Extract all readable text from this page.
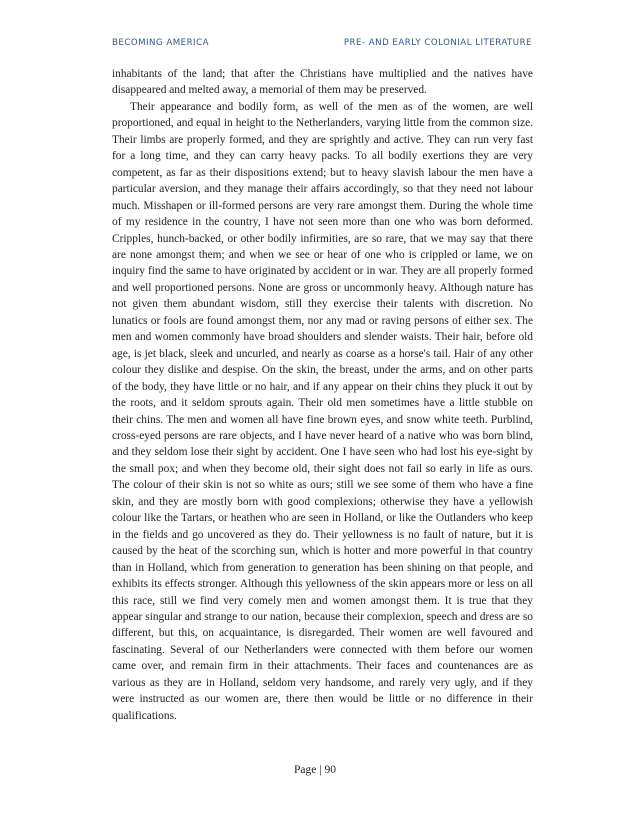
BECOMING AMERICA	PRE- AND EARLY COLONIAL LITERATURE

inhabitants of the land; that after the Christians have multiplied and the natives have disappeared and melted away, a memorial of them may be preserved.

Their appearance and bodily form, as well of the men as of the women, are well proportioned, and equal in height to the Netherlanders, varying little from the common size. Their limbs are properly formed, and they are sprightly and active. They can run very fast for a long time, and they can carry heavy packs. To all bodily exertions they are very competent, as far as their dispositions extend; but to heavy slavish labour the men have a particular aversion, and they manage their affairs accordingly, so that they need not labour much. Misshapen or ill-formed persons are very rare amongst them. During the whole time of my residence in the country, I have not seen more than one who was born deformed. Cripples, hunch-backed, or other bodily infirmities, are so rare, that we may say that there are none amongst them; and when we see or hear of one who is crippled or lame, we on inquiry find the same to have originated by accident or in war. They are all properly formed and well proportioned persons. None are gross or uncommonly heavy. Although nature has not given them abundant wisdom, still they exercise their talents with discretion. No lunatics or fools are found amongst them, nor any mad or raving persons of either sex. The men and women commonly have broad shoulders and slender waists. Their hair, before old age, is jet black, sleek and uncurled, and nearly as coarse as a horse's tail. Hair of any other colour they dislike and despise. On the skin, the breast, under the arms, and on other parts of the body, they have little or no hair, and if any appear on their chins they pluck it out by the roots, and it seldom sprouts again. Their old men sometimes have a little stubble on their chins. The men and women all have fine brown eyes, and snow white teeth. Purblind, cross-eyed persons are rare objects, and I have never heard of a native who was born blind, and they seldom lose their sight by accident. One I have seen who had lost his eye-sight by the small pox; and when they become old, their sight does not fail so early in life as ours. The colour of their skin is not so white as ours; still we see some of them who have a fine skin, and they are mostly born with good complexions; otherwise they have a yellowish colour like the Tartars, or heathen who are seen in Holland, or like the Outlanders who keep in the fields and go uncovered as they do. Their yellowness is no fault of nature, but it is caused by the heat of the scorching sun, which is hotter and more powerful in that country than in Holland, which from generation to generation has been shining on that people, and exhibits its effects stronger. Although this yellowness of the skin appears more or less on all this race, still we find very comely men and women amongst them. It is true that they appear singular and strange to our nation, because their complexion, speech and dress are so different, but this, on acquaintance, is disregarded. Their women are well favoured and fascinating. Several of our Netherlanders were connected with them before our women came over, and remain firm in their attachments. Their faces and countenances are as various as they are in Holland, seldom very handsome, and rarely very ugly, and if they were instructed as our women are, there then would be little or no difference in their qualifications.

Page | 90
